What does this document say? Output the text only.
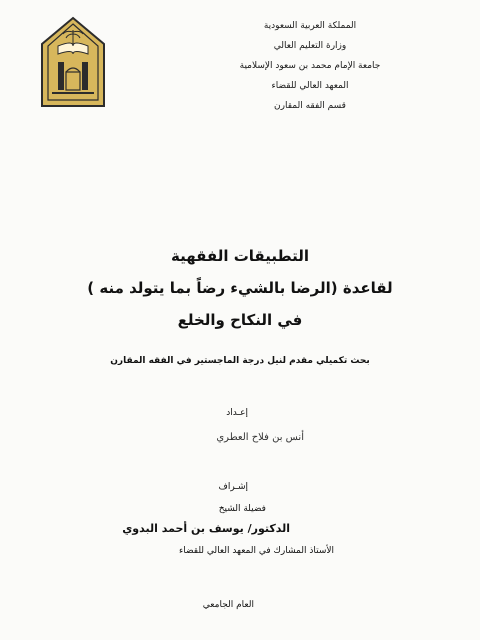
المملكة العربية السعودية
وزارة التعليم العالي
جامعة الإمام محمد بن سعود الإسلامية
المعهد العالي للقضاء
قسم الفقه المقارن
التطبيقات الفقهية
لقاعدة (الرضا بالشيء رضاً بما يتولد منه )
في النكاح والخلع
بحث تكميلي مقدم لنيل درجة الماجستير في الفقه المقارن
إعـداد
أنس بن فلاح العطري
إشـراف
فضيلة الشيخ
الدكتور/ يوسف بن أحمد البدوي
الأستاذ المشارك في المعهد العالي للقضاء
العام الجامعي
